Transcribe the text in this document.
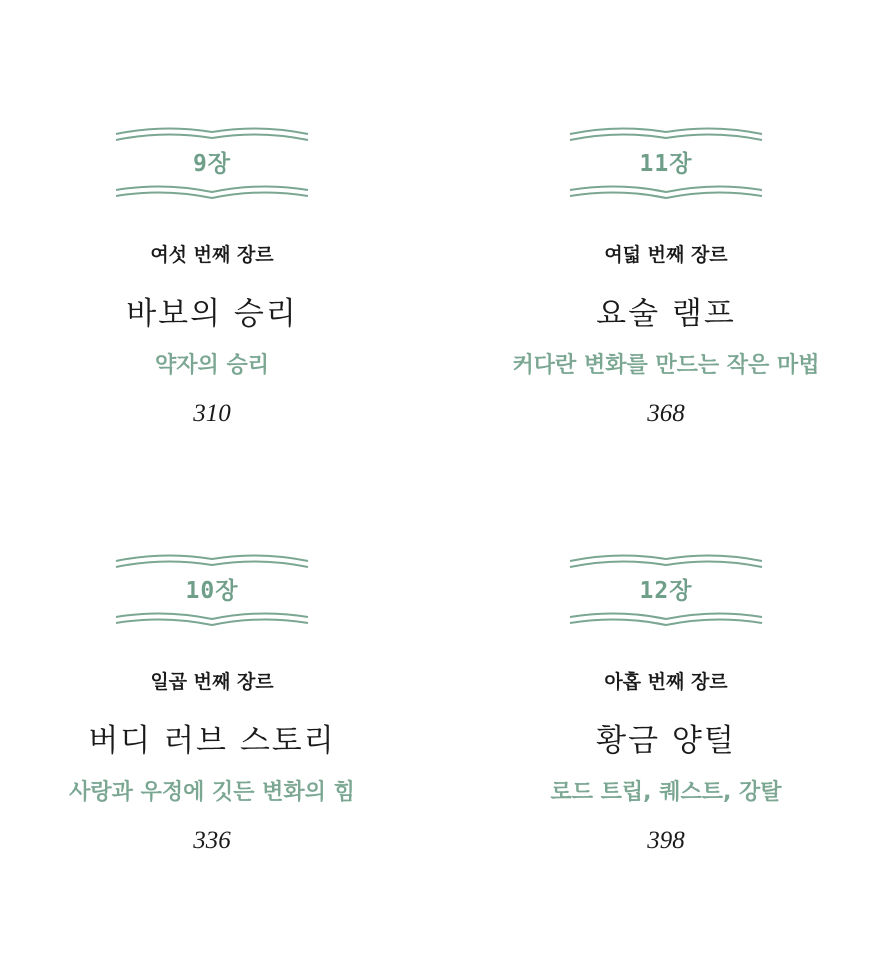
9장
여섯 번째 장르
바보의 승리
약자의 승리
310
11장
여덟 번째 장르
요술 램프
커다란 변화를 만드는 작은 마법
368
10장
일곱 번째 장르
버디 러브 스토리
사랑과 우정에 깃든 변화의 힘
336
12장
아홉 번째 장르
황금 양털
로드 트립, 퀘스트, 강탈
398
